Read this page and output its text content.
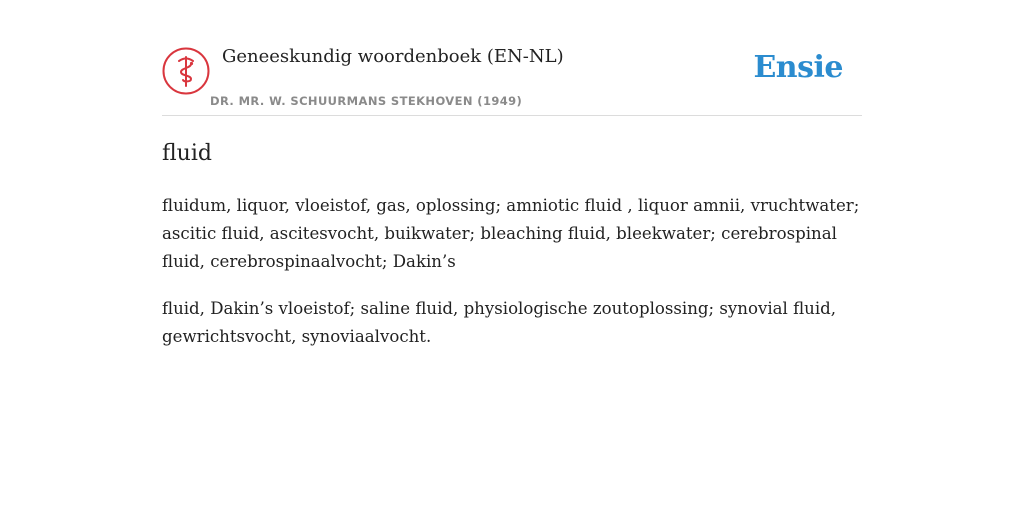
Geneeskundig woordenboek (EN-NL)
DR. MR. W. SCHUURMANS STEKHOVEN (1949)
Ensie
fluid

fluidum, liquor, vloeistof, gas, oplossing; amniotic fluid , liquor amnii, vruchtwater; ascitic fluid, ascitesvocht, buikwater; bleaching fluid, bleekwater; cerebrospinal fluid, cerebrospinaalvocht; Dakin’s

fluid, Dakin’s vloeistof; saline fluid, physiologische zoutoplossing; synovial fluid, gewrichtsvocht, synoviaalvocht.
